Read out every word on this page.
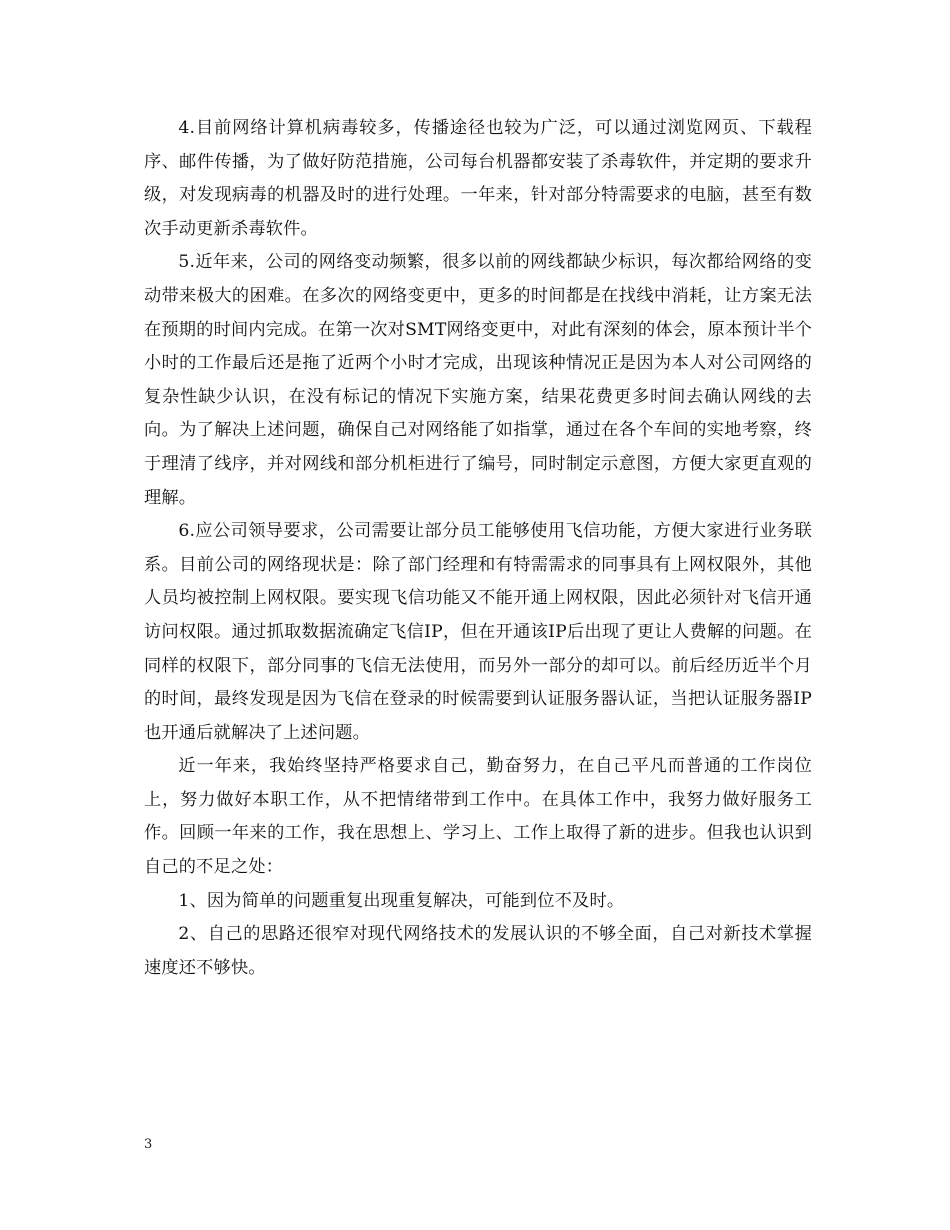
4.目前网络计算机病毒较多，传播途径也较为广泛，可以通过浏览网页、下载程序、邮件传播，为了做好防范措施，公司每台机器都安装了杀毒软件，并定期的要求升级，对发现病毒的机器及时的进行处理。一年来，针对部分特需要求的电脑，甚至有数次手动更新杀毒软件。

5.近年来，公司的网络变动频繁，很多以前的网线都缺少标识，每次都给网络的变动带来极大的困难。在多次的网络变更中，更多的时间都是在找线中消耗，让方案无法在预期的时间内完成。在第一次对SMT网络变更中，对此有深刻的体会，原本预计半个小时的工作最后还是拖了近两个小时才完成，出现该种情况正是因为本人对公司网络的复杂性缺少认识，在没有标记的情况下实施方案，结果花费更多时间去确认网线的去向。为了解决上述问题，确保自己对网络能了如指掌，通过在各个车间的实地考察，终于理清了线序，并对网线和部分机柜进行了编号，同时制定示意图，方便大家更直观的理解。

6.应公司领导要求，公司需要让部分员工能够使用飞信功能，方便大家进行业务联系。目前公司的网络现状是：除了部门经理和有特需需求的同事具有上网权限外，其他人员均被控制上网权限。要实现飞信功能又不能开通上网权限，因此必须针对飞信开通访问权限。通过抓取数据流确定飞信IP，但在开通该IP后出现了更让人费解的问题。在同样的权限下，部分同事的飞信无法使用，而另外一部分的却可以。前后经历近半个月的时间，最终发现是因为飞信在登录的时候需要到认证服务器认证，当把认证服务器IP也开通后就解决了上述问题。

近一年来，我始终坚持严格要求自己，勤奋努力，在自己平凡而普通的工作岗位上，努力做好本职工作，从不把情绪带到工作中。在具体工作中，我努力做好服务工作。回顾一年来的工作，我在思想上、学习上、工作上取得了新的进步。但我也认识到自己的不足之处：

1、因为简单的问题重复出现重复解决，可能到位不及时。

2、自己的思路还很窄对现代网络技术的发展认识的不够全面，自己对新技术掌握速度还不够快。

3
